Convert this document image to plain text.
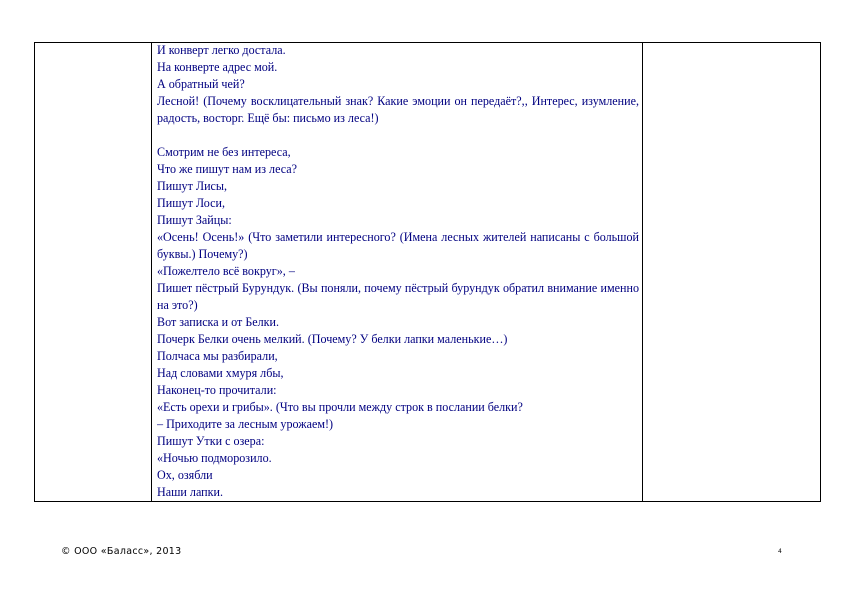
И конверт легко достала.
На конверте адрес мой.
А обратный чей?
Лесной! (Почему восклицательный знак? Какие эмоции он передаёт?,, Интерес, изумление, радость, восторг. Ещё бы: письмо из леса!)
Смотрим не без интереса,
Что же пишут нам из леса?
Пишут Лисы,
Пишут Лоси,
Пишут Зайцы:
«Осень! Осень!» (Что заметили интересного? (Имена лесных жителей написаны с большой буквы.) Почему?)
«Пожелтело всё вокруг», –
Пишет пёстрый Бурундук. (Вы поняли, почему пёстрый бурундук обратил внимание именно на это?)
Вот записка и от Белки.
Почерк Белки очень мелкий. (Почему? У белки лапки маленькие…)
Полчаса мы разбирали,
Над словами хмуря лбы,
Наконец-то прочитали:
«Есть орехи и грибы». (Что вы прочли между строк в послании белки?
– Приходите за лесным урожаем!)
Пишут Утки с озера:
«Ночью подморозило.
Ох, озябли
Наши лапки.

© ООО «Баласс», 2013	4
